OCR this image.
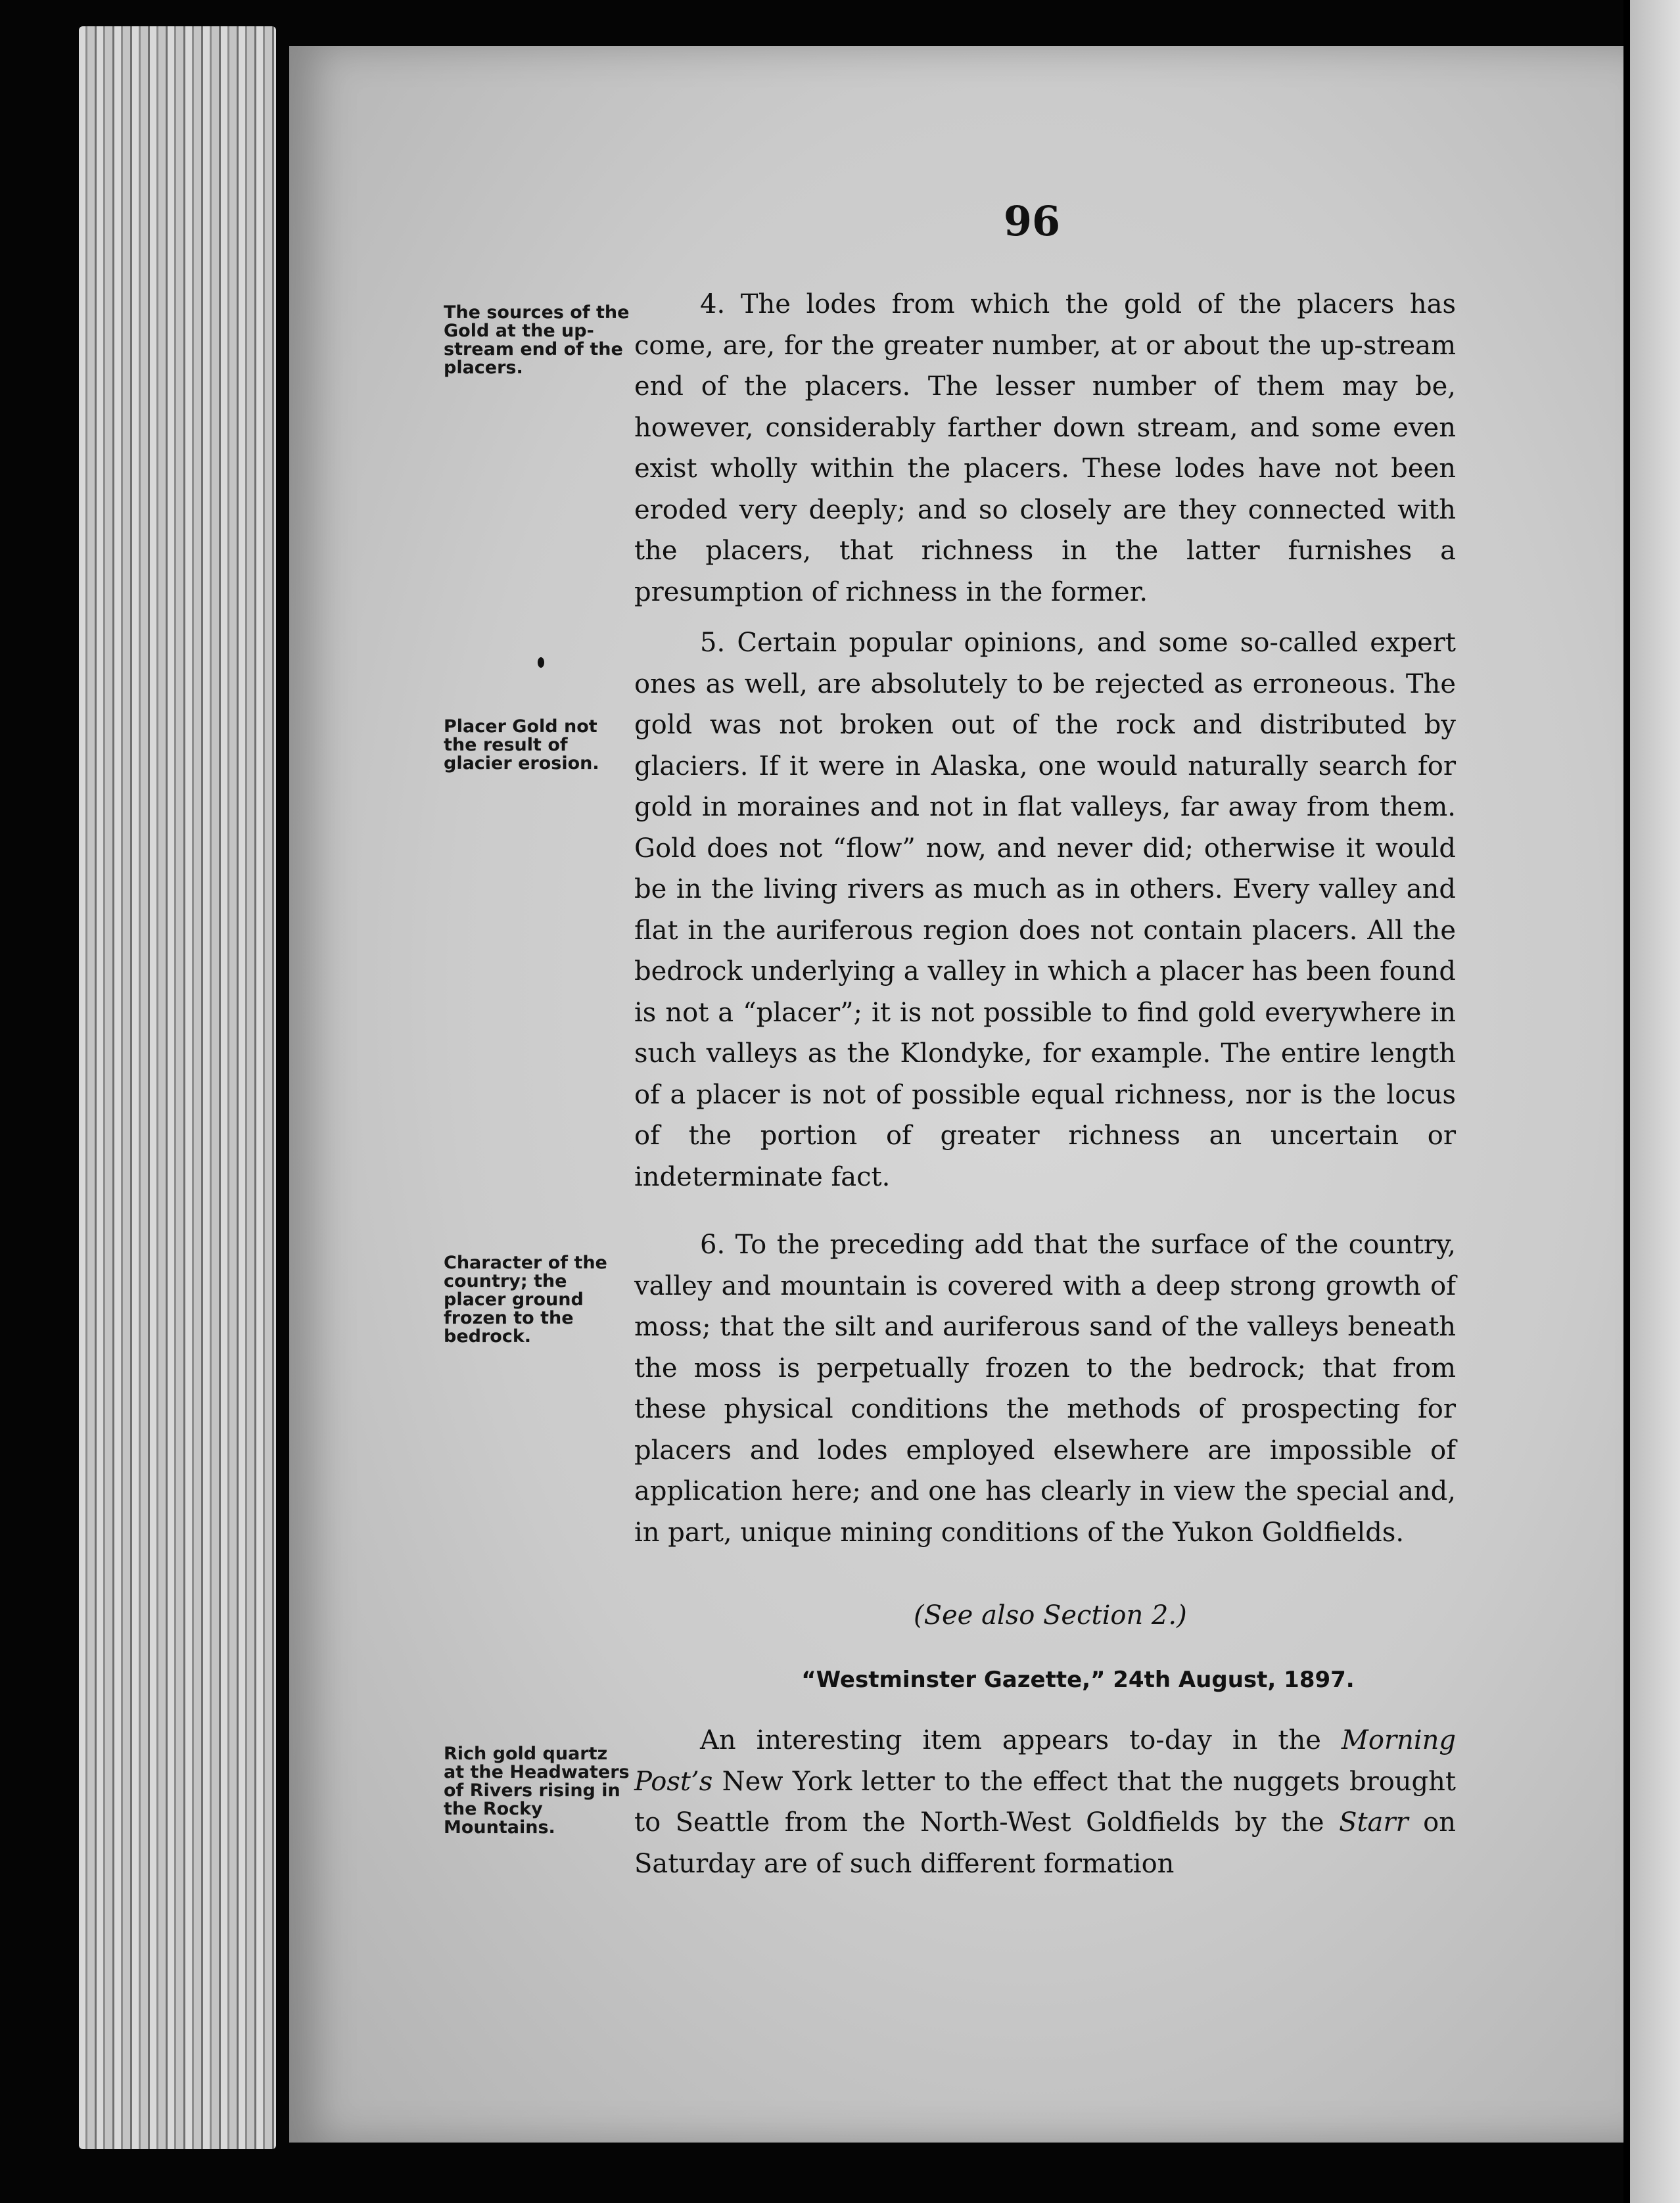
96
The sources of the Gold at the up-stream end of the placers.
Placer Gold not the result of glacier erosion.
Character of the country; the placer ground frozen to the bedrock.
Rich gold quartz at the Headwaters of Rivers rising in the Rocky Mountains.

4. The lodes from which the gold of the placers has come, are, for the greater number, at or about the up-stream end of the placers. The lesser number of them may be, however, considerably farther down stream, and some even exist wholly within the placers. These lodes have not been eroded very deeply; and so closely are they connected with the placers, that richness in the latter furnishes a presumption of richness in the former.

5. Certain popular opinions, and some so-called expert ones as well, are absolutely to be rejected as erroneous. The gold was not broken out of the rock and distributed by glaciers. If it were in Alaska, one would naturally search for gold in moraines and not in flat valleys, far away from them. Gold does not “flow” now, and never did; otherwise it would be in the living rivers as much as in others. Every valley and flat in the auriferous region does not contain placers. All the bedrock underlying a valley in which a placer has been found is not a “placer”; it is not possible to find gold everywhere in such valleys as the Klondyke, for example. The entire length of a placer is not of possible equal richness, nor is the locus of the portion of greater richness an uncertain or indeterminate fact.

6. To the preceding add that the surface of the country, valley and mountain is covered with a deep strong growth of moss; that the silt and auriferous sand of the valleys beneath the moss is perpetually frozen to the bedrock; that from these physical conditions the methods of prospecting for placers and lodes employed elsewhere are impossible of application here; and one has clearly in view the special and, in part, unique mining conditions of the Yukon Goldfields.

(See also Section 2.)
“Westminster Gazette,” 24th August, 1897.

An interesting item appears to-day in the Morning Post’s New York letter to the effect that the nuggets brought to Seattle from the North-West Goldfields by the Starr on Saturday are of such different formation
